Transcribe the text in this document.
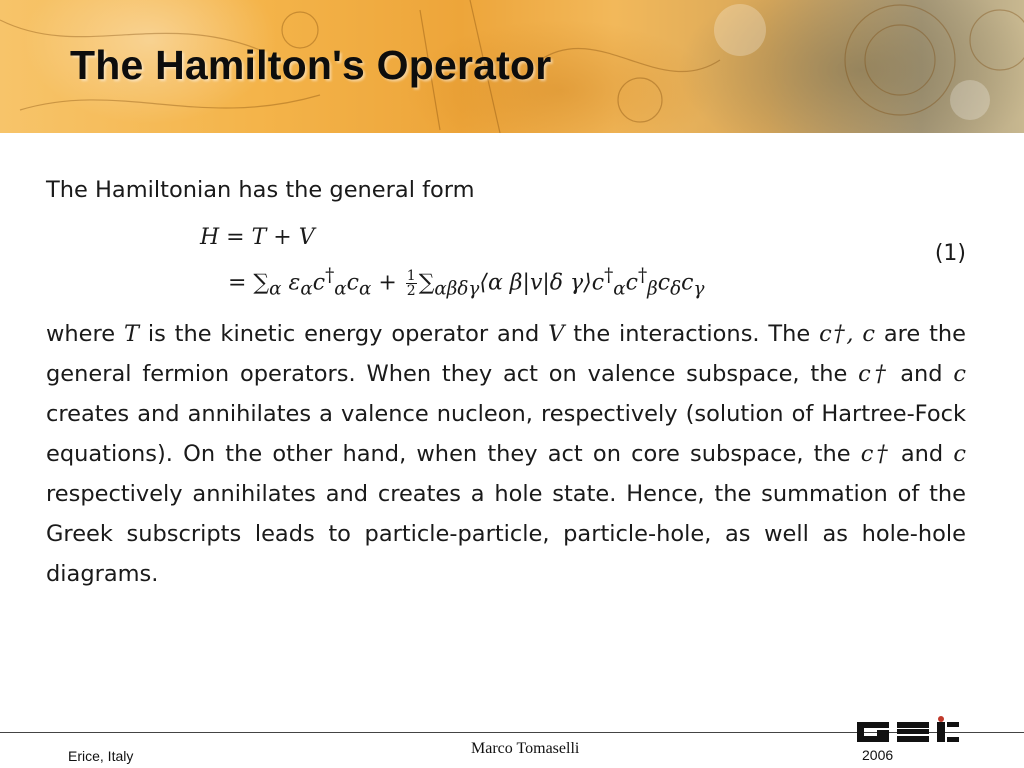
The Hamilton's Operator

The Hamiltonian has the general form

H = T + V
= $\sum_\alpha$ $\varepsilon_\alpha c^\dagger_\alpha c_\alpha + \frac{1}{2}$ $\sum_{\alpha\beta\delta\gamma}⟨\alpha$ β|v|δ $\gamma⟩c^\dagger_\alpha c^\dagger_\beta c_\delta c_\gamma$
(1)

where T is the kinetic energy operator and V the interactions. The c†, c are the general fermion operators. When they act on valence subspace, the c† and c creates and annihilates a valence nucleon, respectively (solution of Hartree-Fock equations). On the other hand, when they act on core subspace, the c† and c respectively annihilates and creates a hole state. Hence, the summation of the Greek subscripts leads to particle-particle, particle-hole, as well as hole-hole diagrams.

Erice, Italy	Marco Tomaselli	2006
